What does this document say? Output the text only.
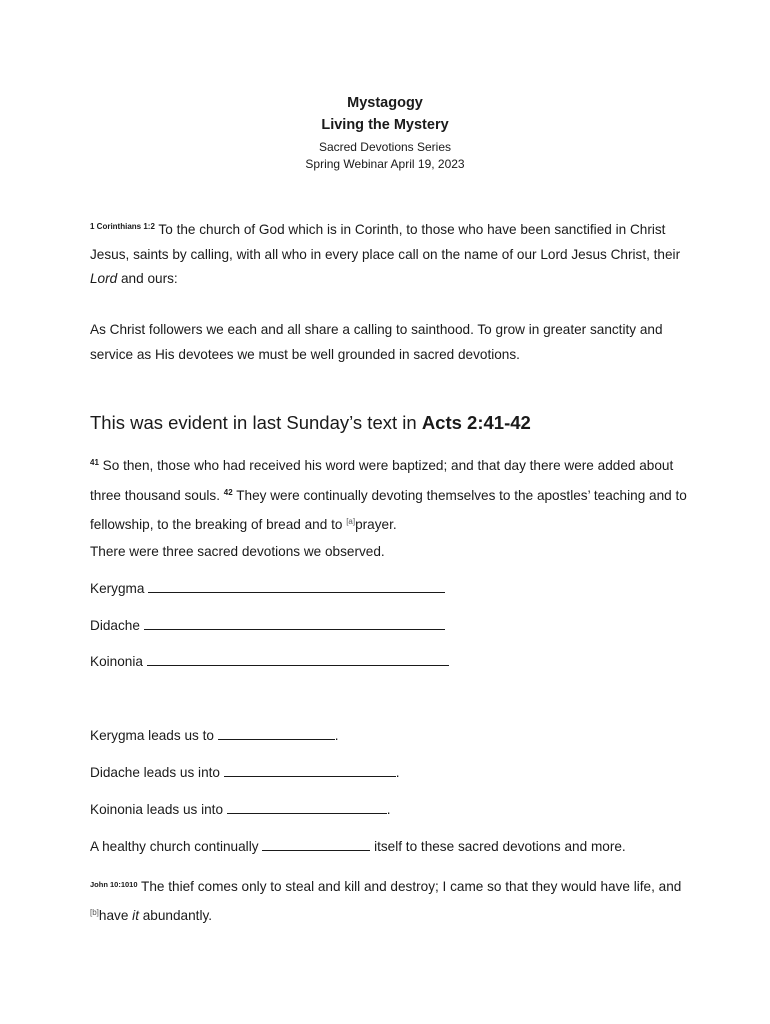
Mystagogy
Living the Mystery
Sacred Devotions Series
Spring Webinar April 19, 2023
$^{1 Corinthians 1:2}$ To the church of God which is in Corinth, to those who have been sanctified in Christ Jesus, saints by calling, with all who in every place call on the name of our Lord Jesus Christ, their Lord and ours:
As Christ followers we each and all share a calling to sainthood. To grow in greater sanctity and service as His devotees we must be well grounded in sacred devotions.
This was evident in last Sunday’s text in Acts 2:41-42
$^{41}$ So then, those who had received his word were baptized; and that day there were added about three thousand souls. $^{42}$ They were continually devoting themselves to the apostles’ teaching and to fellowship, to the breaking of bread and to [a]prayer.
There were three sacred devotions we observed.
Kerygma
Didache
Koinonia
Kerygma leads us to	.
Didache leads us into	.
Koinonia leads us into	.
A healthy church continually	itself to these sacred devotions and more.
$^{John 10:1010}$ The thief comes only to steal and kill and destroy; I came so that they would have life, and [b]have it abundantly.
